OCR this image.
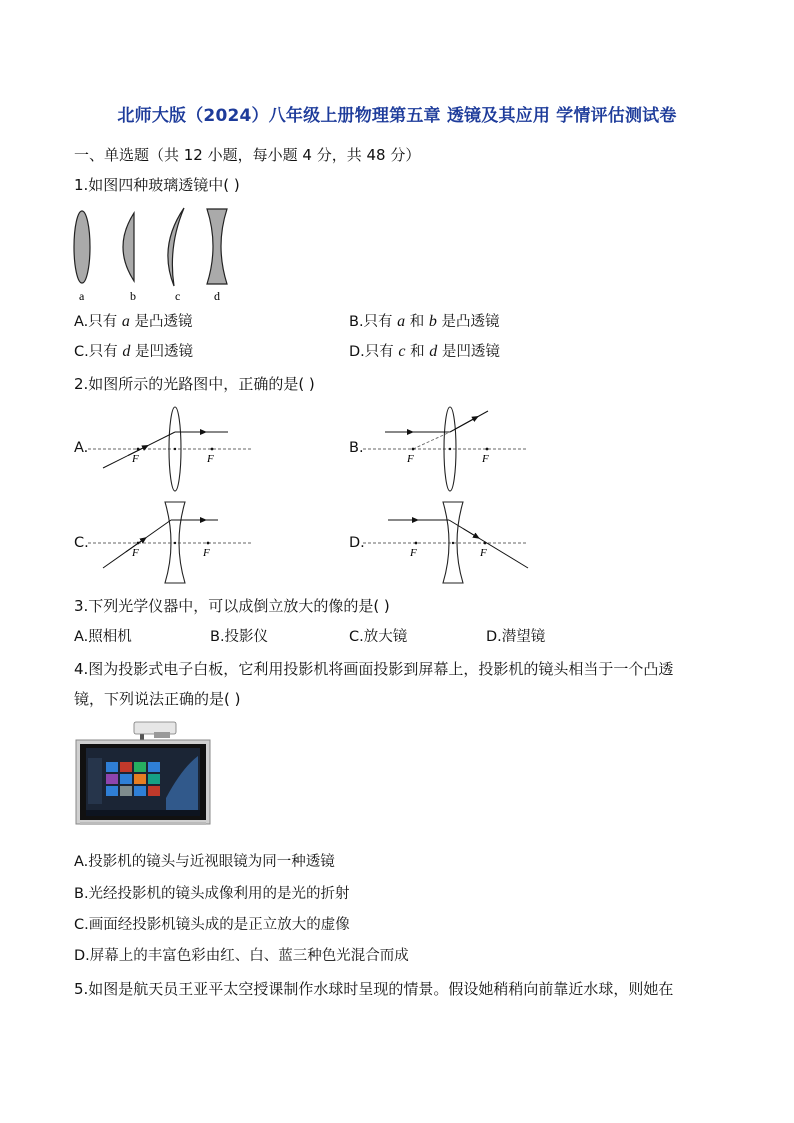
北师大版（2024）八年级上册物理第五章 透镜及其应用 学情评估测试卷
一、单选题（共 12 小题，每小题 4 分，共 48 分）
1.如图四种玻璃透镜中( )
a	b	c	d
A.只有 a 是凸透镜	B.只有 a 和 b 是凸透镜
C.只有 d 是凹透镜	D.只有 c 和 d 是凹透镜
2.如图所示的光路图中，正确的是( )
A.	B.
C.	D.
F	F	F	F
F	F	F	F
3.下列光学仪器中，可以成倒立放大的像的是( )
A.照相机	B.投影仪	C.放大镜	D.潜望镜
4.图为投影式电子白板，它利用投影机将画面投影到屏幕上，投影机的镜头相当于一个凸透
镜，下列说法正确的是( )
A.投影机的镜头与近视眼镜为同一种透镜
B.光经投影机的镜头成像利用的是光的折射
C.画面经投影机镜头成的是正立放大的虚像
D.屏幕上的丰富色彩由红、白、蓝三种色光混合而成
5.如图是航天员王亚平太空授课制作水球时呈现的情景。假设她稍稍向前靠近水球，则她在
